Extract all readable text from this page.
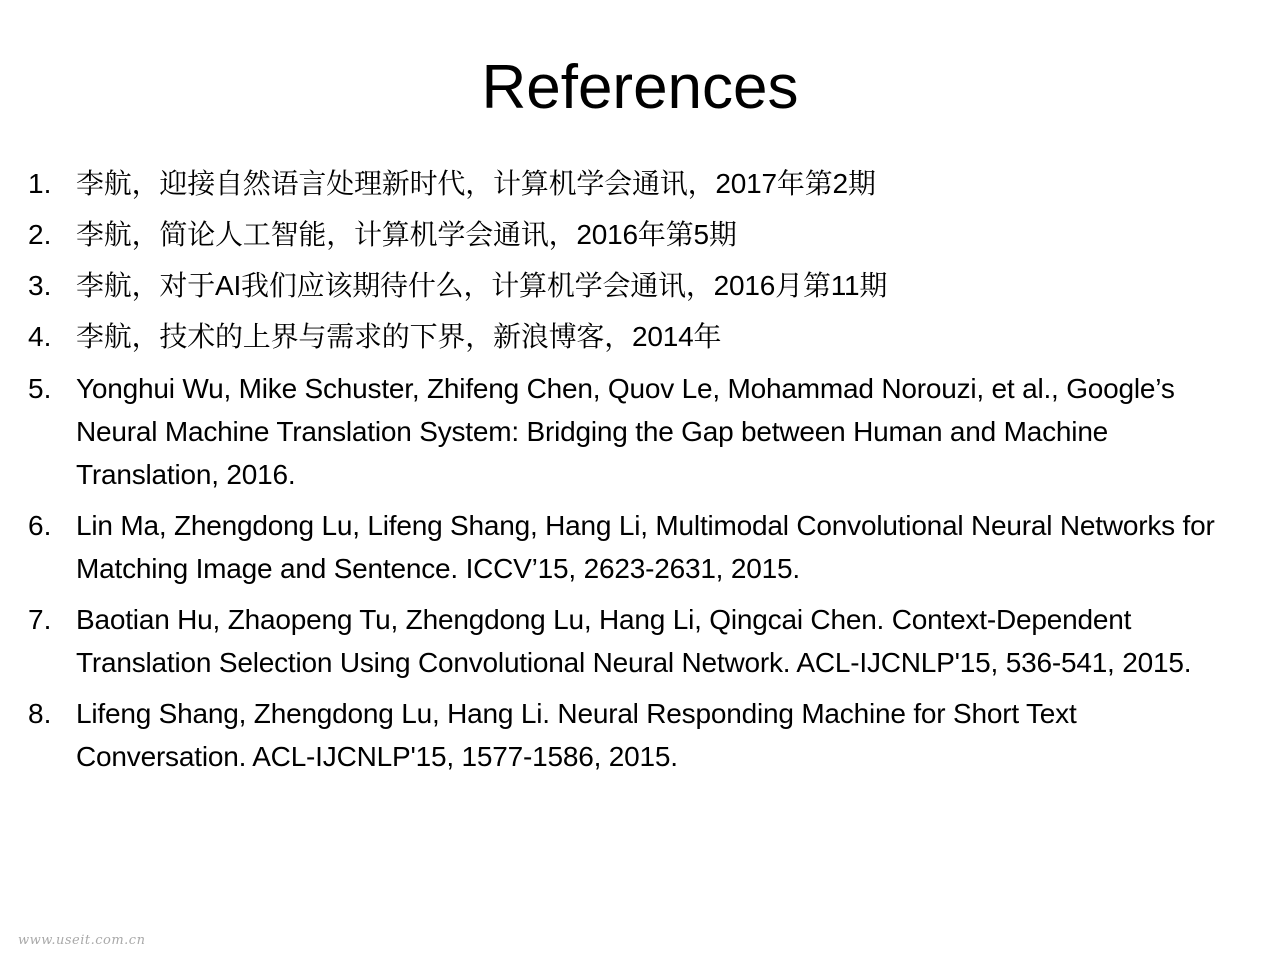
References
1. 李航，迎接自然语言处理新时代，计算机学会通讯，2017年第2期
2. 李航，简论人工智能，计算机学会通讯，2016年第5期
3. 李航，对于AI我们应该期待什么，计算机学会通讯，2016月第11期
4. 李航，技术的上界与需求的下界，新浪博客，2014年
5. Yonghui Wu, Mike Schuster, Zhifeng Chen, Quov Le, Mohammad Norouzi, et al., Google’s Neural Machine Translation System: Bridging the Gap between Human and Machine Translation, 2016.
6. Lin Ma, Zhengdong Lu, Lifeng Shang, Hang Li, Multimodal Convolutional Neural Networks for Matching Image and Sentence. ICCV’15, 2623-2631, 2015.
7. Baotian Hu, Zhaopeng Tu, Zhengdong Lu, Hang Li, Qingcai Chen. Context-Dependent Translation Selection Using Convolutional Neural Network. ACL-IJCNLP'15, 536-541, 2015.
8. Lifeng Shang, Zhengdong Lu, Hang Li. Neural Responding Machine for Short Text Conversation. ACL-IJCNLP'15, 1577-1586, 2015.
www.useit.com.cn
